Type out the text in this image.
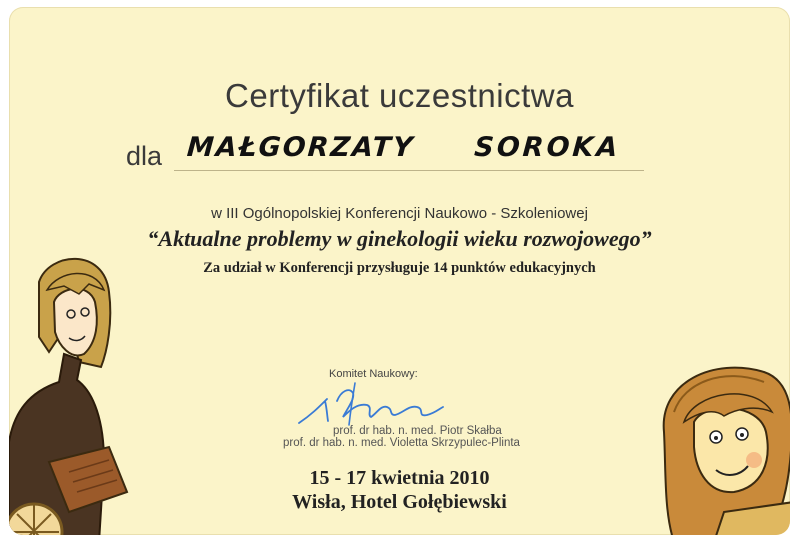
Certyfikat uczestnictwa
dla MAŁGORZATY SOROKA
w III Ogólnopolskiej Konferencji Naukowo - Szkoleniowej
“Aktualne problemy w ginekologii wieku rozwojowego”
Za udział w Konferencji przysługuje 14 punktów edukacyjnych
Komitet Naukowy:
prof. dr hab. n. med. Piotr Skałba
prof. dr hab. n. med. Violetta Skrzypulec-Plinta
15 - 17 kwietnia 2010
Wisła, Hotel Gołębiewski
